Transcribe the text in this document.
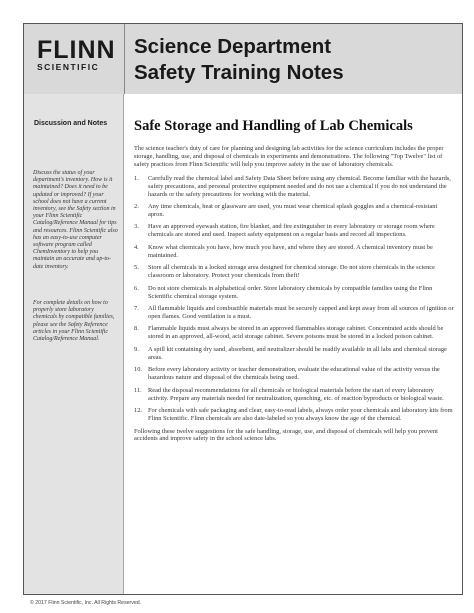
FLINN
SCIENTIFIC
Science Department
Safety Training Notes
Discussion and Notes
Discuss the status of your department's inventory. How is it maintained? Does it need to be updated or improved? If your school does not have a current inventory, see the Safety section in your Flinn Scientific Catalog/Reference Manual for tips and resources. Flinn Scientific also has an easy-to-use computer software program called ChemInventory to help you maintain an accurate and up-to-date inventory.
For complete details on how to properly store laboratory chemicals by compatible families, please see the Safety Reference articles in your Flinn Scientific Catalog/Reference Manual.
Safe Storage and Handling of Lab Chemicals
The science teacher's duty of care for planning and designing lab activities for the science curriculum includes the proper storage, handling, use, and disposal of chemicals in experiments and demonstrations. The following "Top Twelve" list of safety practices from Flinn Scientific will help you improve safety in the use of laboratory chemicals.
1.	Carefully read the chemical label and Safety Data Sheet before using any chemical. Become familiar with the hazards, safety precautions, and personal protective equipment needed and do not use a chemical if you do not understand the hazards or the safety precautions for working with the material.
2.	Any time chemicals, heat or glassware are used, you must wear chemical splash goggles and a chemical-resistant apron.
3.	Have an approved eyewash station, fire blanket, and fire extinguisher in every laboratory or storage room where chemicals are stored and used. Inspect safety equipment on a regular basis and record all inspections.
4.	Know what chemicals you have, how much you have, and where they are stored. A chemical inventory must be maintained.
5.	Store all chemicals in a locked storage area designed for chemical storage. Do not store chemicals in the science classroom or laboratory. Protect your chemicals from theft!
6.	Do not store chemicals in alphabetical order. Store laboratory chemicals by compatible families using the Flinn Scientific chemical storage system.
7.	All flammable liquids and combustible materials must be securely capped and kept away from all sources of ignition or open flames. Good ventilation is a must.
8.	Flammable liquids must always be stored in an approved flammables storage cabinet. Concentrated acids should be stored in an approved, all-wood, acid storage cabinet. Severe poisons must be stored in a locked poison cabinet.
9.	A spill kit containing dry sand, absorbent, and neutralizer should be readily available in all labs and chemical storage areas.
10. Before every laboratory activity or teacher demonstration, evaluate the educational value of the activity versus the hazardous nature and disposal of the chemicals being used.
11. Read the disposal recommendations for all chemicals or biological materials before the start of every laboratory activity. Prepare any materials needed for neutralization, quenching, etc. of reaction byproducts or biological waste.
12. For chemicals with safe packaging and clear, easy-to-read labels, always order your chemicals and laboratory kits from Flinn Scientific. Flinn chemicals are also date-labeled so you always know the age of the chemical.
Following these twelve suggestions for the safe handling, storage, use, and disposal of chemicals will help you prevent accidents and improve safety in the school science labs.
© 2017 Flinn Scientific, Inc. All Rights Reserved.
